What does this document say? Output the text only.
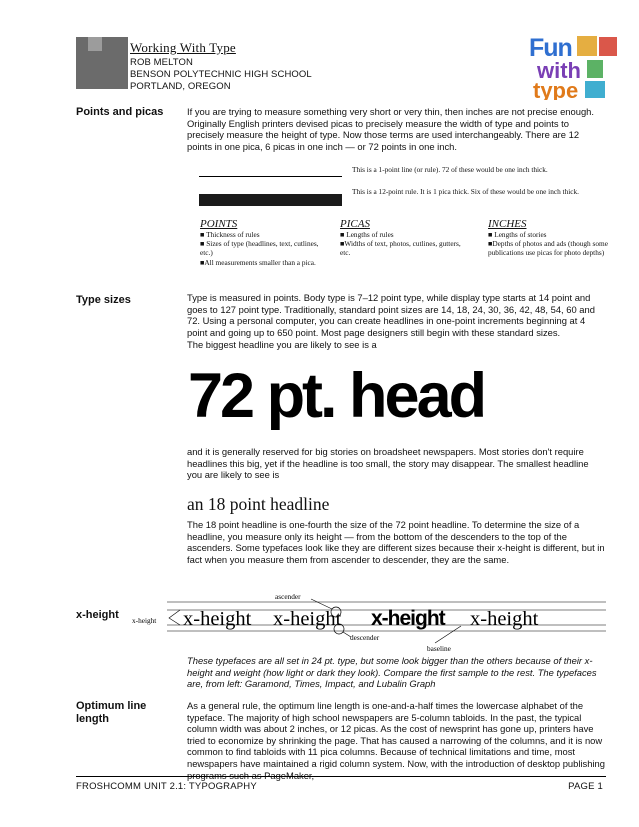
Working With Type
ROB MELTON
BENSON POLYTECHNIC HIGH SCHOOL
PORTLAND, OREGON
Fun
with
type
Points and picas	If you are trying to measure something very short or very thin, then inches are not precise enough. Originally English printers devised picas to precisely measure the width of type and points to precisely measure the height of type. Now those terms are used interchangeably. There are 12 points in one pica, 6 picas in one inch — or 72 points in one inch.
This is a 1-point line (or rule). 72 of these would be one inch thick.
This is a 12-point rule. It is 1 pica thick. Six of these would be one inch thick.
POINTS
■ Thickness of rules
■ Sizes of type (headlines, text, cutlines, etc.)
■All measurements smaller than a pica.
PICAS
■ Lengths of rules
■Widths of text, photos, cutlines, gutters, etc.
INCHES
■ Lengths of stories
■Depths of photos and ads (though some publications use picas for photo depths)
Type sizes	Type is measured in points. Body type is 7–12 point type, while display type starts at 14 point and goes to 127 point type. Traditionally, standard point sizes are 14, 18, 24, 30, 36, 42, 48, 54, 60 and 72. Using a personal computer, you can create headlines in one-point increments beginning at 4 point and going up to 650 point. Most page designers still begin with these standard sizes.
The biggest headline you are likely to see is a
72 pt. head
and it is generally reserved for big stories on broadsheet newspapers. Most stories don't require headlines this big, yet if the headline is too small, the story may disappear. The smallest headline you are likely to see is
an 18 point headline
The 18 point headline is one-fourth the size of the 72 point headline. To determine the size of a headline, you measure only its height — from the bottom of the descenders to the top of the ascenders. Some typefaces look like they are different sizes because their x-height is different, but in fact when you measure them from ascender to descender, they are the same.
x-height x-height x-height x-height x-height x-height
ascender
descender
baseline
These typefaces are all set in 24 pt. type, but some look bigger than the others because of their x-height and weight (how light or dark they look). Compare the first sample to the rest. The typefaces are, from left: Garamond, Times, Impact, and Lubalin Graph
Optimum line
length
As a general rule, the optimum line length is one-and-a-half times the lowercase alphabet of the typeface. The majority of high school newspapers are 5-column tabloids. In the past, the typical column width was about 2 inches, or 12 picas. As the cost of newsprint has gone up, printers have tried to economize by shrinking the page. That has caused a narrowing of the columns, and it is now common to find tabloids with 11 pica columns. Because of technical limitations and time, most newspapers have maintained a rigid column system. Now, with the introduction of desktop publishing
FROSHCOMM UNIT 2.1: TYPOGRAPHY	PAGE 1
